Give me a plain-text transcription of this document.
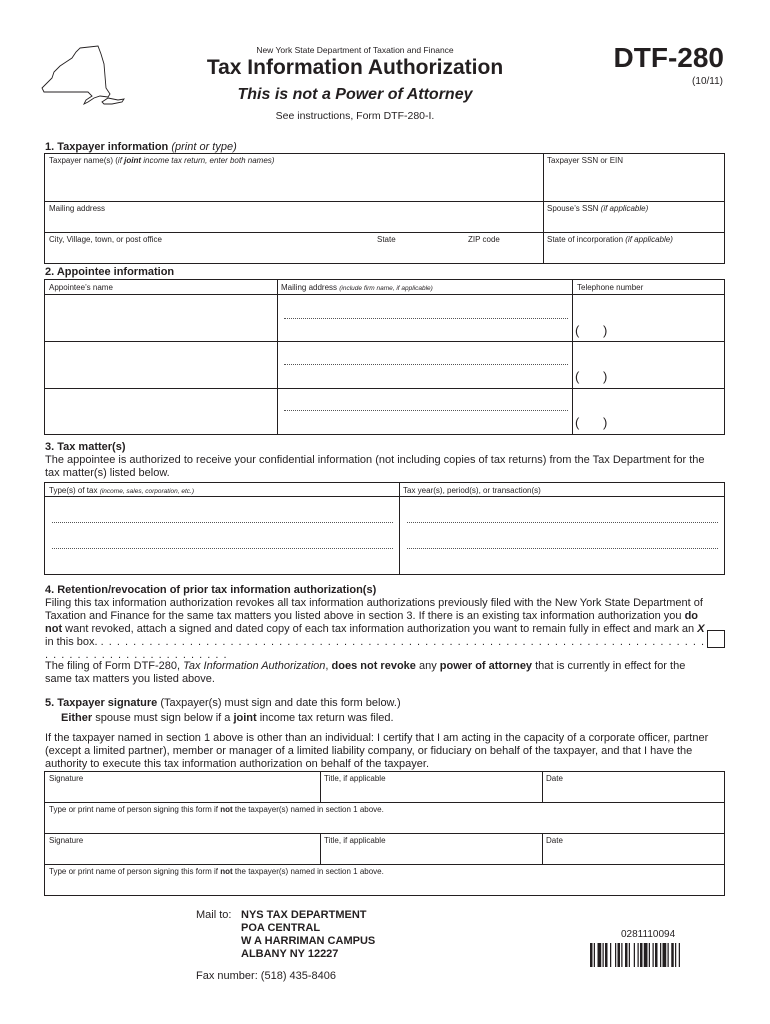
New York State Department of Taxation and Finance
Tax Information Authorization
This is not a Power of Attorney
See instructions, Form DTF-280-I.
DTF-280
(10/11)
1. Taxpayer information (print or type)
Taxpayer name(s) (if joint income tax return, enter both names)	Taxpayer SSN or EIN
Mailing address	Spouse’s SSN (if applicable)
City, Village, town, or post office	State	ZIP code	State of incorporation (if applicable)
2. Appointee information
Appointee’s name	Mailing address (include firm name, if applicable)	Telephone number
( )
( )
( )
3. Tax matter(s)
The appointee is authorized to receive your confidential information (not including copies of tax returns) from the Tax Department for the tax matter(s) listed below.
Type(s) of tax (income, sales, corporation, etc.)	Tax year(s), period(s), or transaction(s)
4. Retention/revocation of prior tax information authorization(s)
Filing this tax information authorization revokes all tax information authorizations previously filed with the New York State Department of Taxation and Finance for the same tax matters you listed above in section 3. If there is an existing tax information authorization you do not want revoked, attach a signed and dated copy of each tax information authorization you want to remain fully in effect and mark an X in this box. . . . . . . . . . . . . . . . . . . . . . . . . . . . . . . . . . . . . . . . . . . . . . . . . . . . . . . . . . . . . . . . . . . . . . . . . . . . . . . . . . . . . . . . . . . . . . . . . . .
The filing of Form DTF-280, Tax Information Authorization, does not revoke any power of attorney that is currently in effect for the same tax matters you listed above.
5. Taxpayer signature (Taxpayer(s) must sign and date this form below.)
Either spouse must sign below if a joint income tax return was filed.
If the taxpayer named in section 1 above is other than an individual: I certify that I am acting in the capacity of a corporate officer, partner (except a limited partner), member or manager of a limited liability company, or fiduciary on behalf of the taxpayer, and that I have the authority to execute this tax information authorization on behalf of the taxpayer.
Signature	Title, if applicable	Date
Type or print name of person signing this form if not the taxpayer(s) named in section 1 above.
Signature	Title, if applicable	Date
Type or print name of person signing this form if not the taxpayer(s) named in section 1 above.
Mail to: NYS TAX DEPARTMENT
POA CENTRAL
W A HARRIMAN CAMPUS
ALBANY NY 12227
Fax number: (518) 435-8406
0281110094
